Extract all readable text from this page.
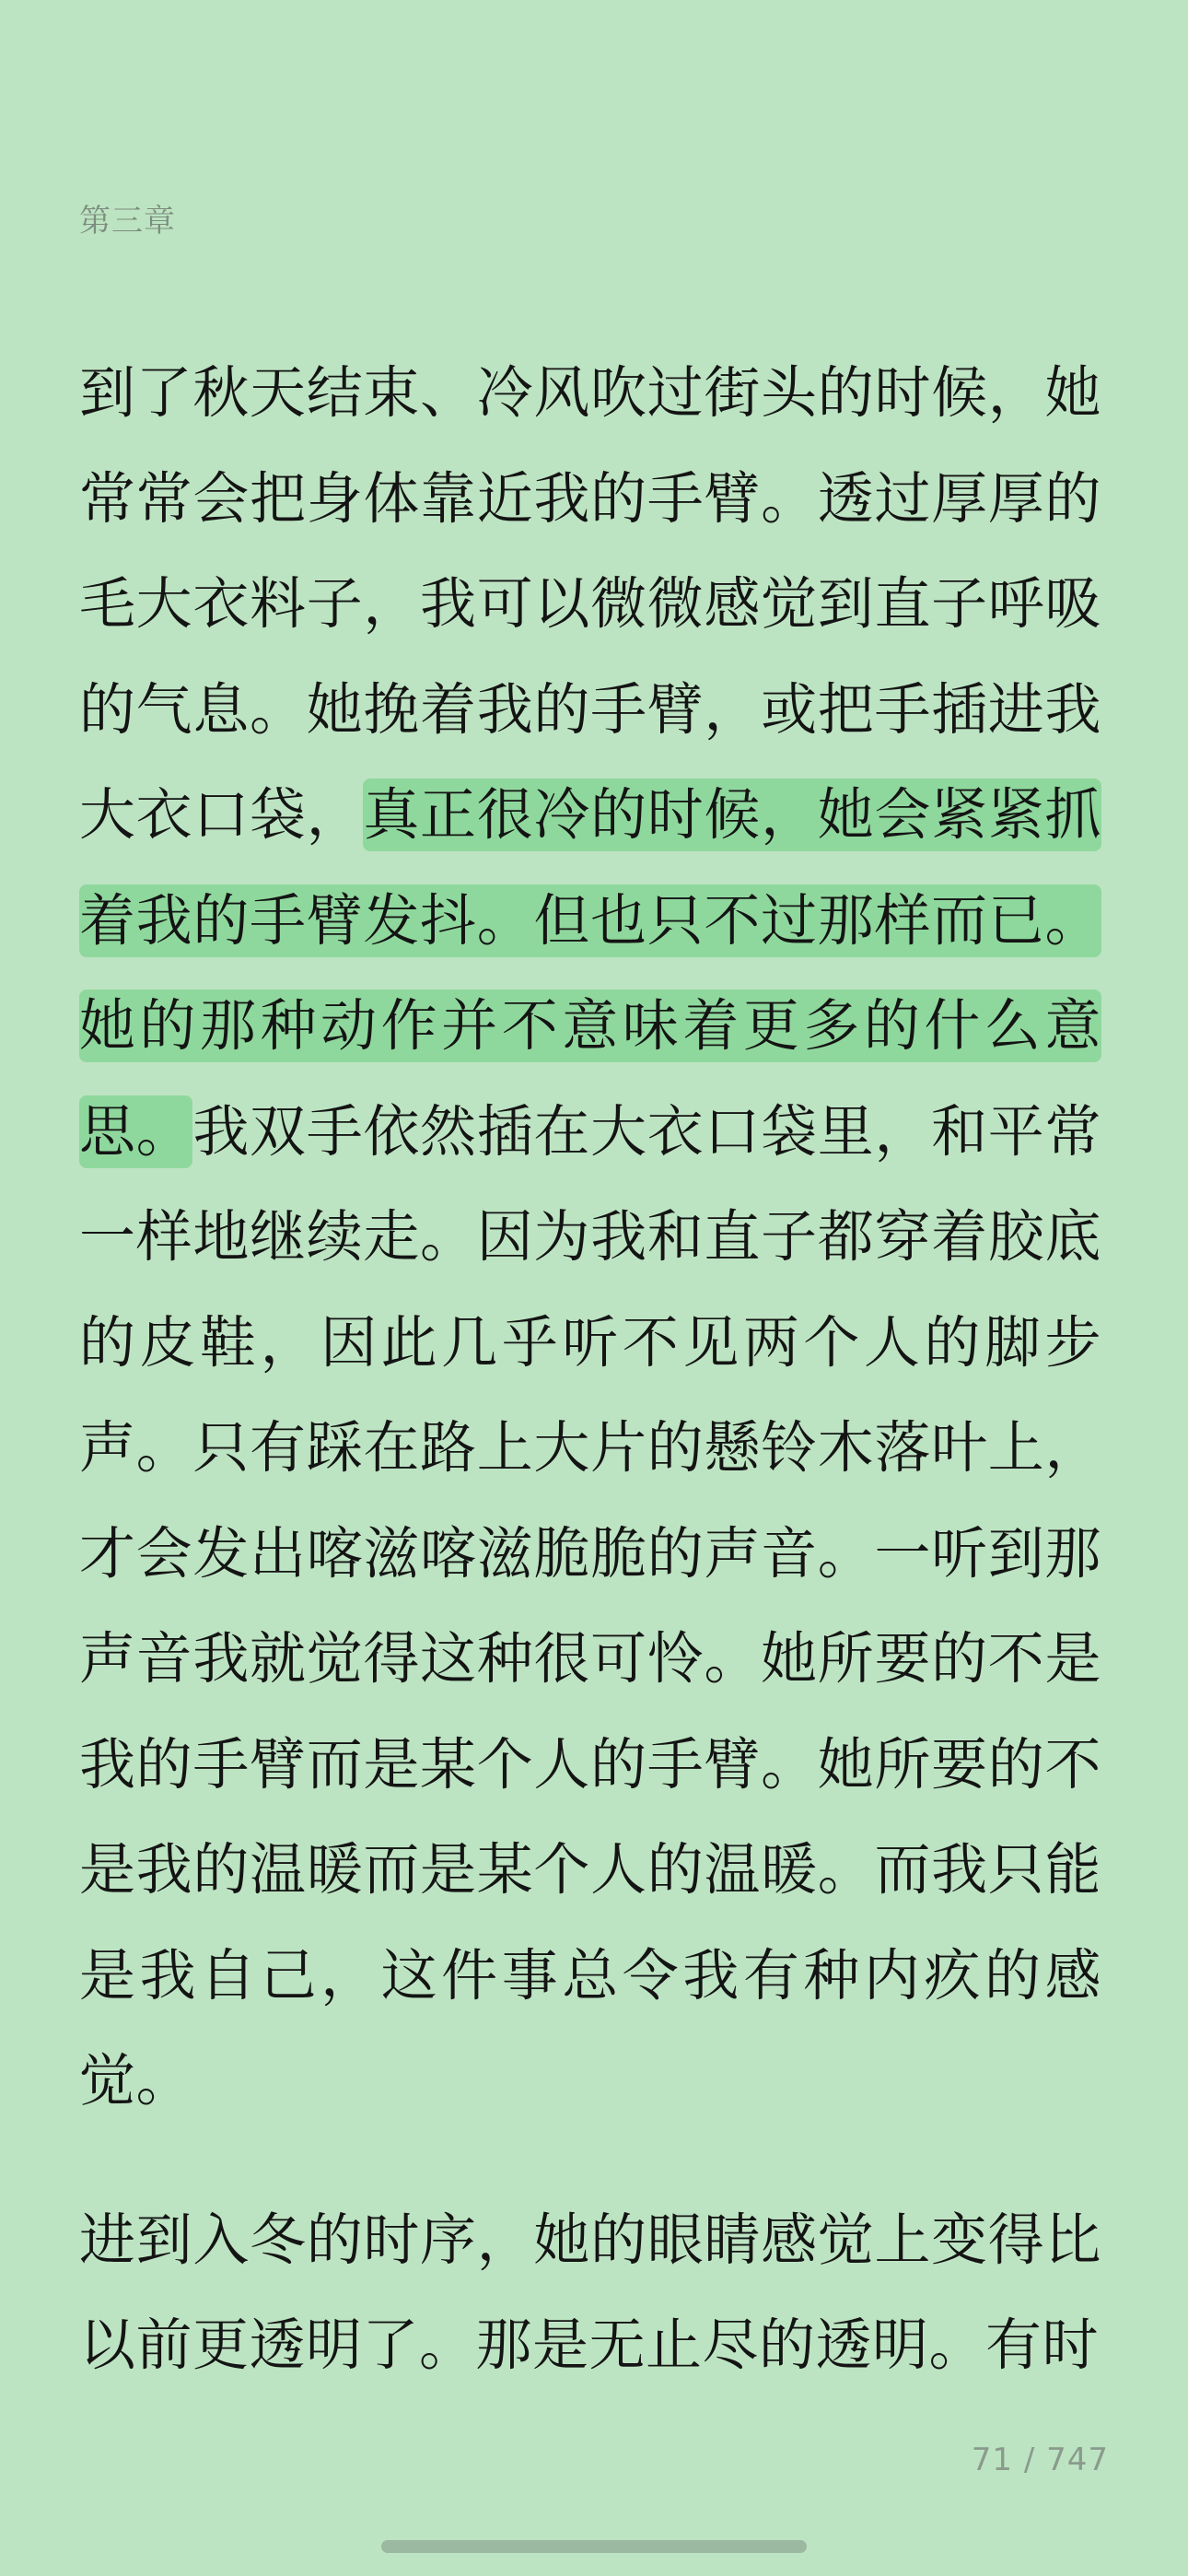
第三章

到了秋天结束、冷风吹过街头的时候，她常常会把身体靠近我的手臂。透过厚厚的毛大衣料子，我可以微微感觉到直子呼吸的气息。她挽着我的手臂，或把手插进我大衣口袋，真正很冷的时候，她会紧紧抓着我的手臂发抖。但也只不过那样而已。她的那种动作并不意味着更多的什么意思。我双手依然插在大衣口袋里，和平常一样地继续走。因为我和直子都穿着胶底的皮鞋，因此几乎听不见两个人的脚步声。只有踩在路上大片的懸铃木落叶上，才会发出喀滋喀滋脆脆的声音。一听到那声音我就觉得这种很可怜。她所要的不是我的手臂而是某个人的手臂。她所要的不是我的温暖而是某个人的温暖。而我只能是我自己，这件事总令我有种内疚的感觉。

进到入冬的时序，她的眼睛感觉上变得比以前更透明了。那是无止尽的透明。有时

71 / 747
